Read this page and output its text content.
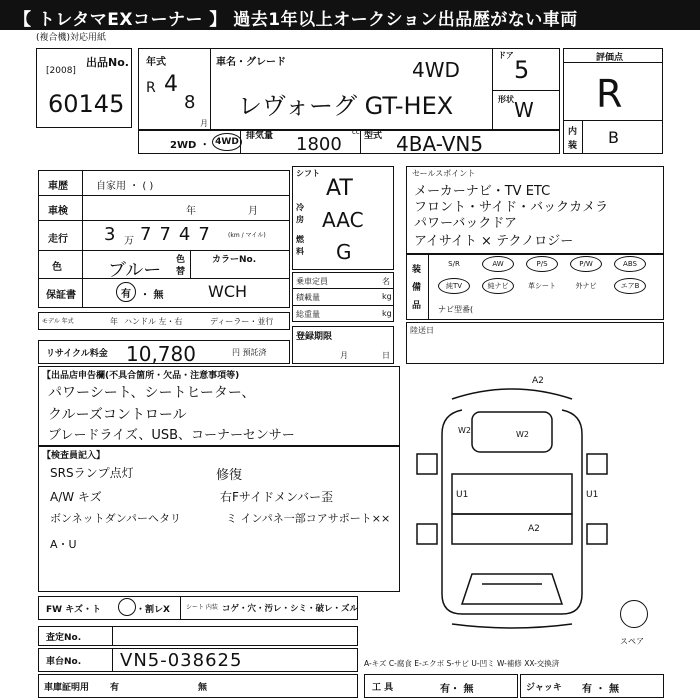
【 トレタマEXコーナー 】 過去1年以上オークション出品歴がない車両
(複合機)対応用紙
出品No.
[2008]
60145
年式
R 4
8
月
車名・グレード	4WD
レヴォーグ GT-HEX
ドア
5
形状 W
評価点
R
内
装 B
2WD ・ 4WD
排気量 1800
cc 型式 4BA-VN5
車歴	自家用 ・ ( )
車検	年	月
走行 3 万 7747 (km / マイル)
色	ブルー 色
替
カラーNo.
保証書	有 ・ 無	WCH
シフト
AT
冷
房 AAC
燃
料 G
乗車定員	名
積載量	kg
総重量	kg
セールスポイント
メーカーナビ・TV ETC
フロント・サイド・バックカメラ
パワーバックドア
アイサイト × テクノロジー
装
備
品
S/R	AW	P/S	P/W	ABS
純TV	純ナビ	革シート	外ナビ	エアB
ナビ型番(
モデル 年式	年 ハンドル 左・右	ディーラー・並行
登録期限
月	日
リサイクル料金 10,780	円 預託済
陸送日
【出品店申告欄(不具合箇所・欠品・注意事項等)
パワーシート、シートヒーター、
クルーズコントロール
ブレードライズ、USB、コーナーセンサー
【検査員記入】
SRSランプ点灯
A/W キズ
ボンネットダンパーヘタリ
A・U
修復
右Fサイドメンバー歪
ミ インパネ一部コアサポート××
A2
W2	W2
U1	U1
A2
スペア
FW キズ・ト	・割レX	シート 内装 コゲ・穴・汚レ・シミ・破レ・ズル
査定No.
車台No. VN5-038625	A-キズ C-腐食 E-エクボ S-サビ U-凹ミ W-補修 XX-交換済
車庫証明用 有	無	工 具	有・ 無	ジャッキ 有 ・ 無
